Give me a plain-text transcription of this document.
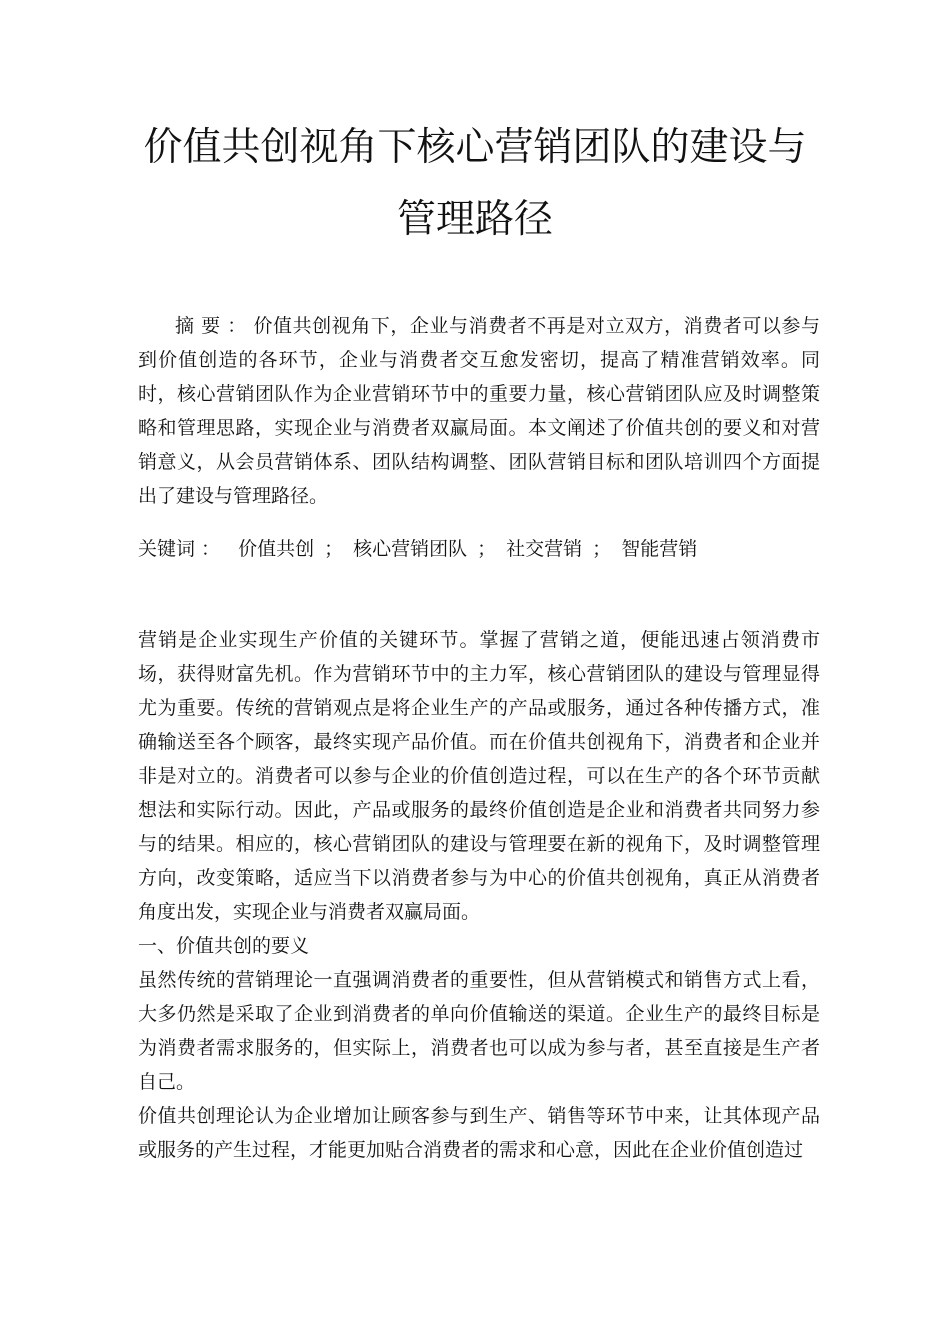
价值共创视角下核心营销团队的建设与
管理路径
摘 要 ： 价值共创视角下，企业与消费者不再是对立双方，消费者可以参与到价值创造的各环节，企业与消费者交互愈发密切，提高了精准营销效率。同时，核心营销团队作为企业营销环节中的重要力量，核心营销团队应及时调整策略和管理思路，实现企业与消费者双赢局面。本文阐述了价值共创的要义和对营销意义，从会员营销体系、团队结构调整、团队营销目标和团队培训四个方面提出了建设与管理路径。
关键词 ： 价值共创 ； 核心营销团队 ； 社交营销 ； 智能营销

营销是企业实现生产价值的关键环节。掌握了营销之道，便能迅速占领消费市场，获得财富先机。作为营销环节中的主力军，核心营销团队的建设与管理显得尤为重要。传统的营销观点是将企业生产的产品或服务，通过各种传播方式，准确输送至各个顾客，最终实现产品价值。而在价值共创视角下，消费者和企业并非是对立的。消费者可以参与企业的价值创造过程，可以在生产的各个环节贡献想法和实际行动。因此，产品或服务的最终价值创造是企业和消费者共同努力参与的结果。相应的，核心营销团队的建设与管理要在新的视角下，及时调整管理方向，改变策略，适应当下以消费者参与为中心的价值共创视角，真正从消费者角度出发，实现企业与消费者双赢局面。

一、价值共创的要义

虽然传统的营销理论一直强调消费者的重要性，但从营销模式和销售方式上看，大多仍然是采取了企业到消费者的单向价值输送的渠道。企业生产的最终目标是为消费者需求服务的，但实际上，消费者也可以成为参与者，甚至直接是生产者自己。

价值共创理论认为企业增加让顾客参与到生产、销售等环节中来，让其体现产品或服务的产生过程，才能更加贴合消费者的需求和心意，因此在企业价值创造过
